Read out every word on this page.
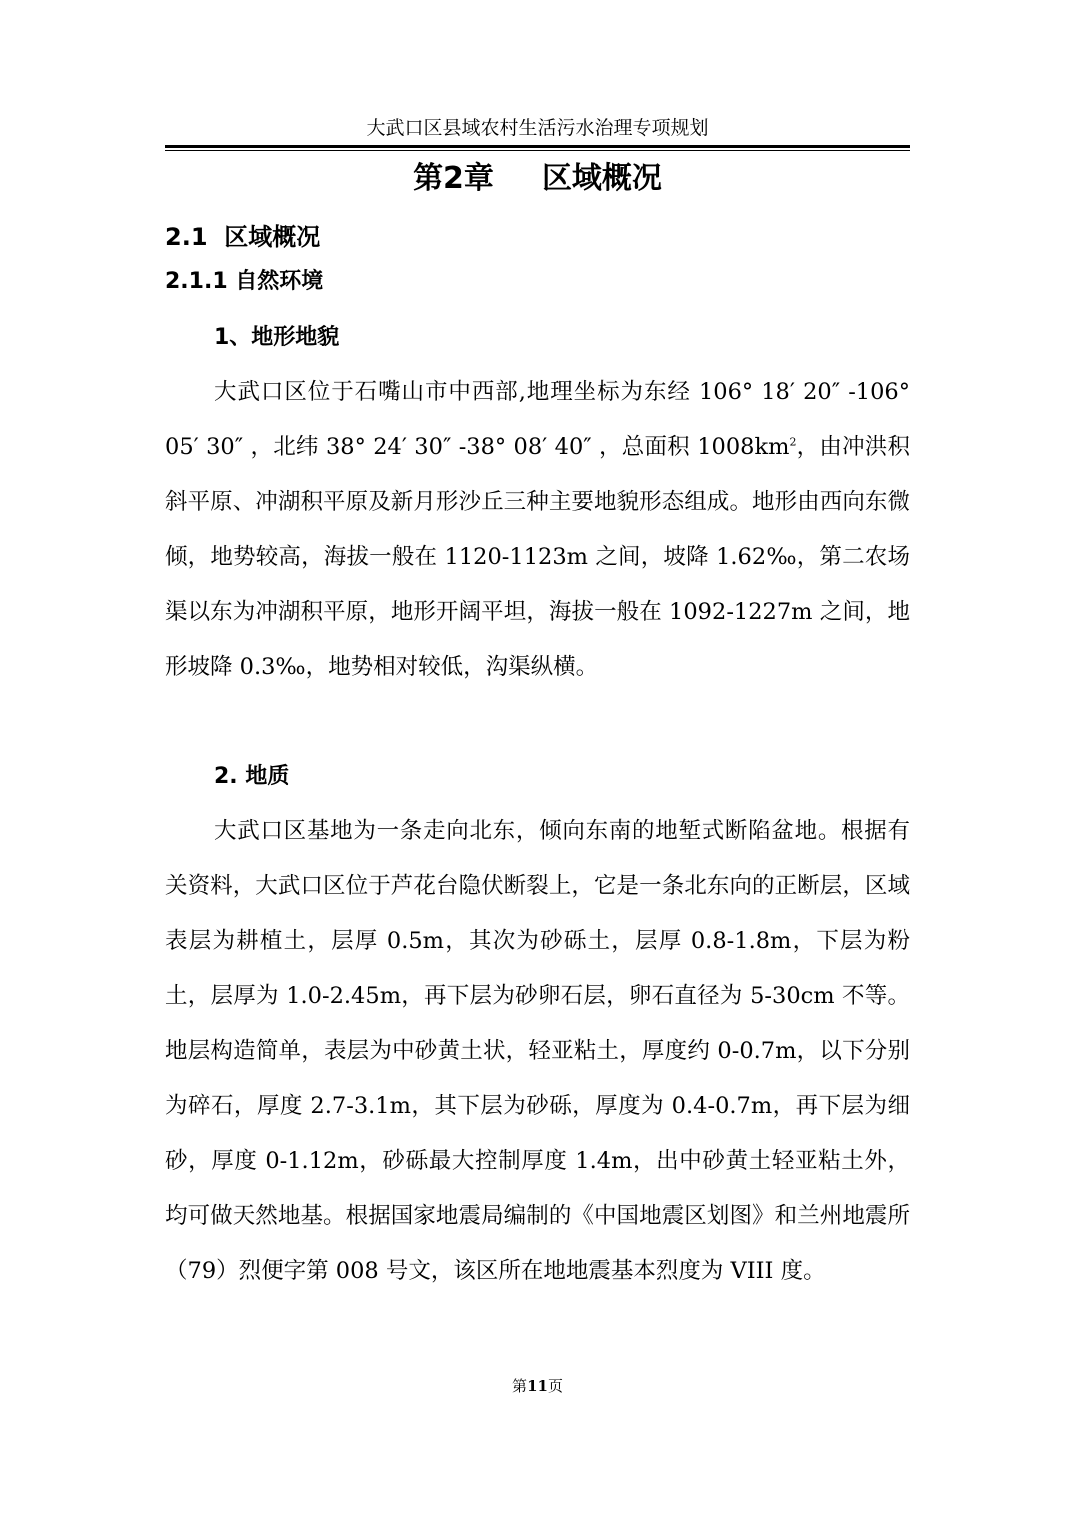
大武口区县域农村生活污水治理专项规划
第2章 区域概况
2.1  区域概况
2.1.1 自然环境
1、地形地貌

大武口区位于石嘴山市中西部,地理坐标为东经 106° 18′ 20″ -106° 05′ 30″ ，北纬 38° 24′ 30″ -38° 08′ 40″ ，总面积 $1008km^2$，由冲洪积斜平原、冲湖积平原及新月形沙丘三种主要地貌形态组成。地形由西向东微倾，地势较高，海拔一般在 1120-1123m 之间，坡降 1.62‰，第二农场渠以东为冲湖积平原，地形开阔平坦，海拔一般在 1092-1227m 之间，地形坡降 0.3‰，地势相对较低，沟渠纵横。

2. 地质

大武口区基地为一条走向北东，倾向东南的地堑式断陷盆地。根据有关资料，大武口区位于芦花台隐伏断裂上，它是一条北东向的正断层，区域表层为耕植土，层厚 0.5m，其次为砂砾土，层厚 0.8-1.8m，下层为粉土，层厚为 1.0-2.45m，再下层为砂卵石层，卵石直径为 5-30cm 不等。地层构造简单，表层为中砂黄土状，轻亚粘土，厚度约 0-0.7m，以下分别为碎石，厚度 2.7-3.1m，其下层为砂砾，厚度为 0.4-0.7m，再下层为细砂，厚度 0-1.12m，砂砾最大控制厚度 1.4m，出中砂黄土轻亚粘土外，均可做天然地基。根据国家地震局编制的《中国地震区划图》和兰州地震所（79）烈便字第 008 号文，该区所在地地震基本烈度为 VIII 度。

第11页
